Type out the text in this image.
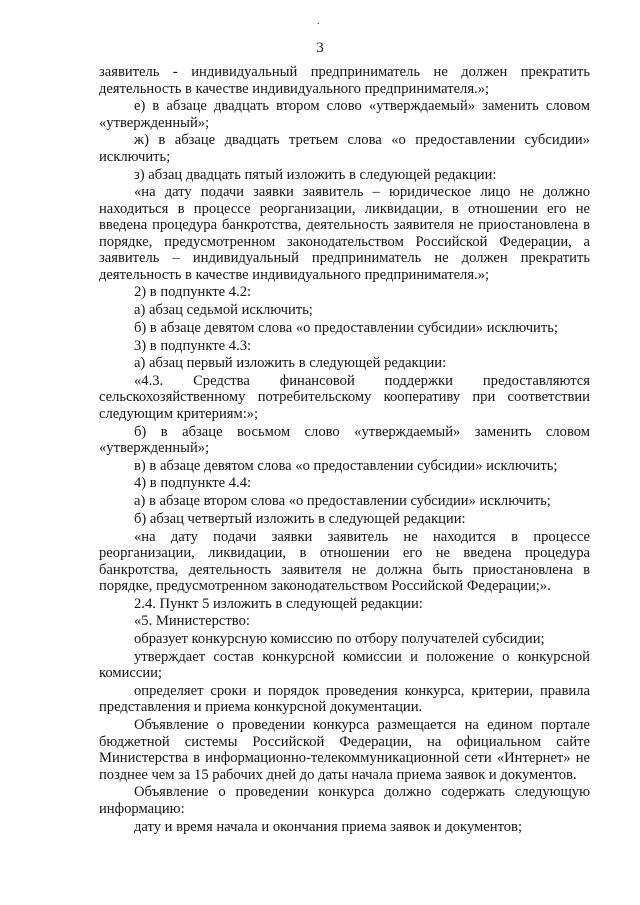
.
3

заявитель - индивидуальный предприниматель не должен прекратить деятельность в качестве индивидуального предпринимателя.»;

е) в абзаце двадцать втором слово «утверждаемый» заменить словом «утвержденный»;

ж) в абзаце двадцать третьем слова «о предоставлении субсидии» исключить;

з) абзац двадцать пятый изложить в следующей редакции:

«на дату подачи заявки заявитель – юридическое лицо не должно находиться в процессе реорганизации, ликвидации, в отношении его не введена процедура банкротства, деятельность заявителя не приостановлена в порядке, предусмотренном законодательством Российской Федерации, а заявитель – индивидуальный предприниматель не должен прекратить деятельность в качестве индивидуального предпринимателя.»;

2) в подпункте 4.2:

а) абзац седьмой исключить;

б) в абзаце девятом слова «о предоставлении субсидии» исключить;

3) в подпункте 4.3:

а) абзац первый изложить в следующей редакции:

«4.3. Средства финансовой поддержки предоставляются сельскохозяйственному потребительскому кооперативу при соответствии следующим критериям:»;

б) в абзаце восьмом слово «утверждаемый» заменить словом «утвержденный»;

в) в абзаце девятом слова «о предоставлении субсидии» исключить;

4) в подпункте 4.4:

а) в абзаце втором слова «о предоставлении субсидии» исключить;

б) абзац четвертый изложить в следующей редакции:

«на дату подачи заявки заявитель не находится в процессе реорганизации, ликвидации, в отношении его не введена процедура банкротства, деятельность заявителя не должна быть приостановлена в порядке, предусмотренном законодательством Российской Федерации;».

2.4. Пункт 5 изложить в следующей редакции:

«5. Министерство:

образует конкурсную комиссию по отбору получателей субсидии;

утверждает состав конкурсной комиссии и положение о конкурсной комиссии;

определяет сроки и порядок проведения конкурса, критерии, правила представления и приема конкурсной документации.

Объявление о проведении конкурса размещается на едином портале бюджетной системы Российской Федерации, на официальном сайте Министерства в информационно-телекоммуникационной сети «Интернет» не позднее чем за 15 рабочих дней до даты начала приема заявок и документов.

Объявление о проведении конкурса должно содержать следующую информацию:

дату и время начала и окончания приема заявок и документов;
